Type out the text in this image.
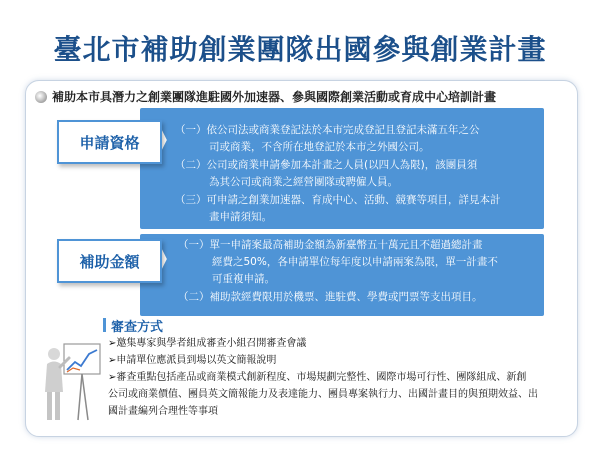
臺北市補助創業團隊出國參與創業計畫
補助本市具潛力之創業團隊進駐國外加速器、參與國際創業活動或育成中心培訓計畫
申請資格
（一）依公司法或商業登記法於本市完成登記且登記未滿五年之公
司或商業，不含所在地登記於本市之外國公司。
（二）公司或商業申請參加本計畫之人員(以四人為限)，該團員須
為其公司或商業之經營團隊或聘僱人員。
（三）可申請之創業加速器、育成中心、活動、競賽等項目，詳見本計
畫申請須知。
補助金額
（一）單一申請案最高補助金額為新臺幣五十萬元且不超過總計畫
經費之50%，各申請單位每年度以申請兩案為限，單一計畫不
可重複申請。
（二）補助款經費限用於機票、進駐費、學費或門票等支出項目。
審查方式
➢邀集專家與學者組成審查小組召開審查會議
➢申請單位應派員到場以英文簡報說明
➢審查重點包括產品或商業模式創新程度、市場規劃完整性、國際市場可行性、團隊組成、新創
公司或商業價值、團員英文簡報能力及表達能力、團員專案執行力、出國計畫目的與預期效益、出
國計畫編列合理性等事項
